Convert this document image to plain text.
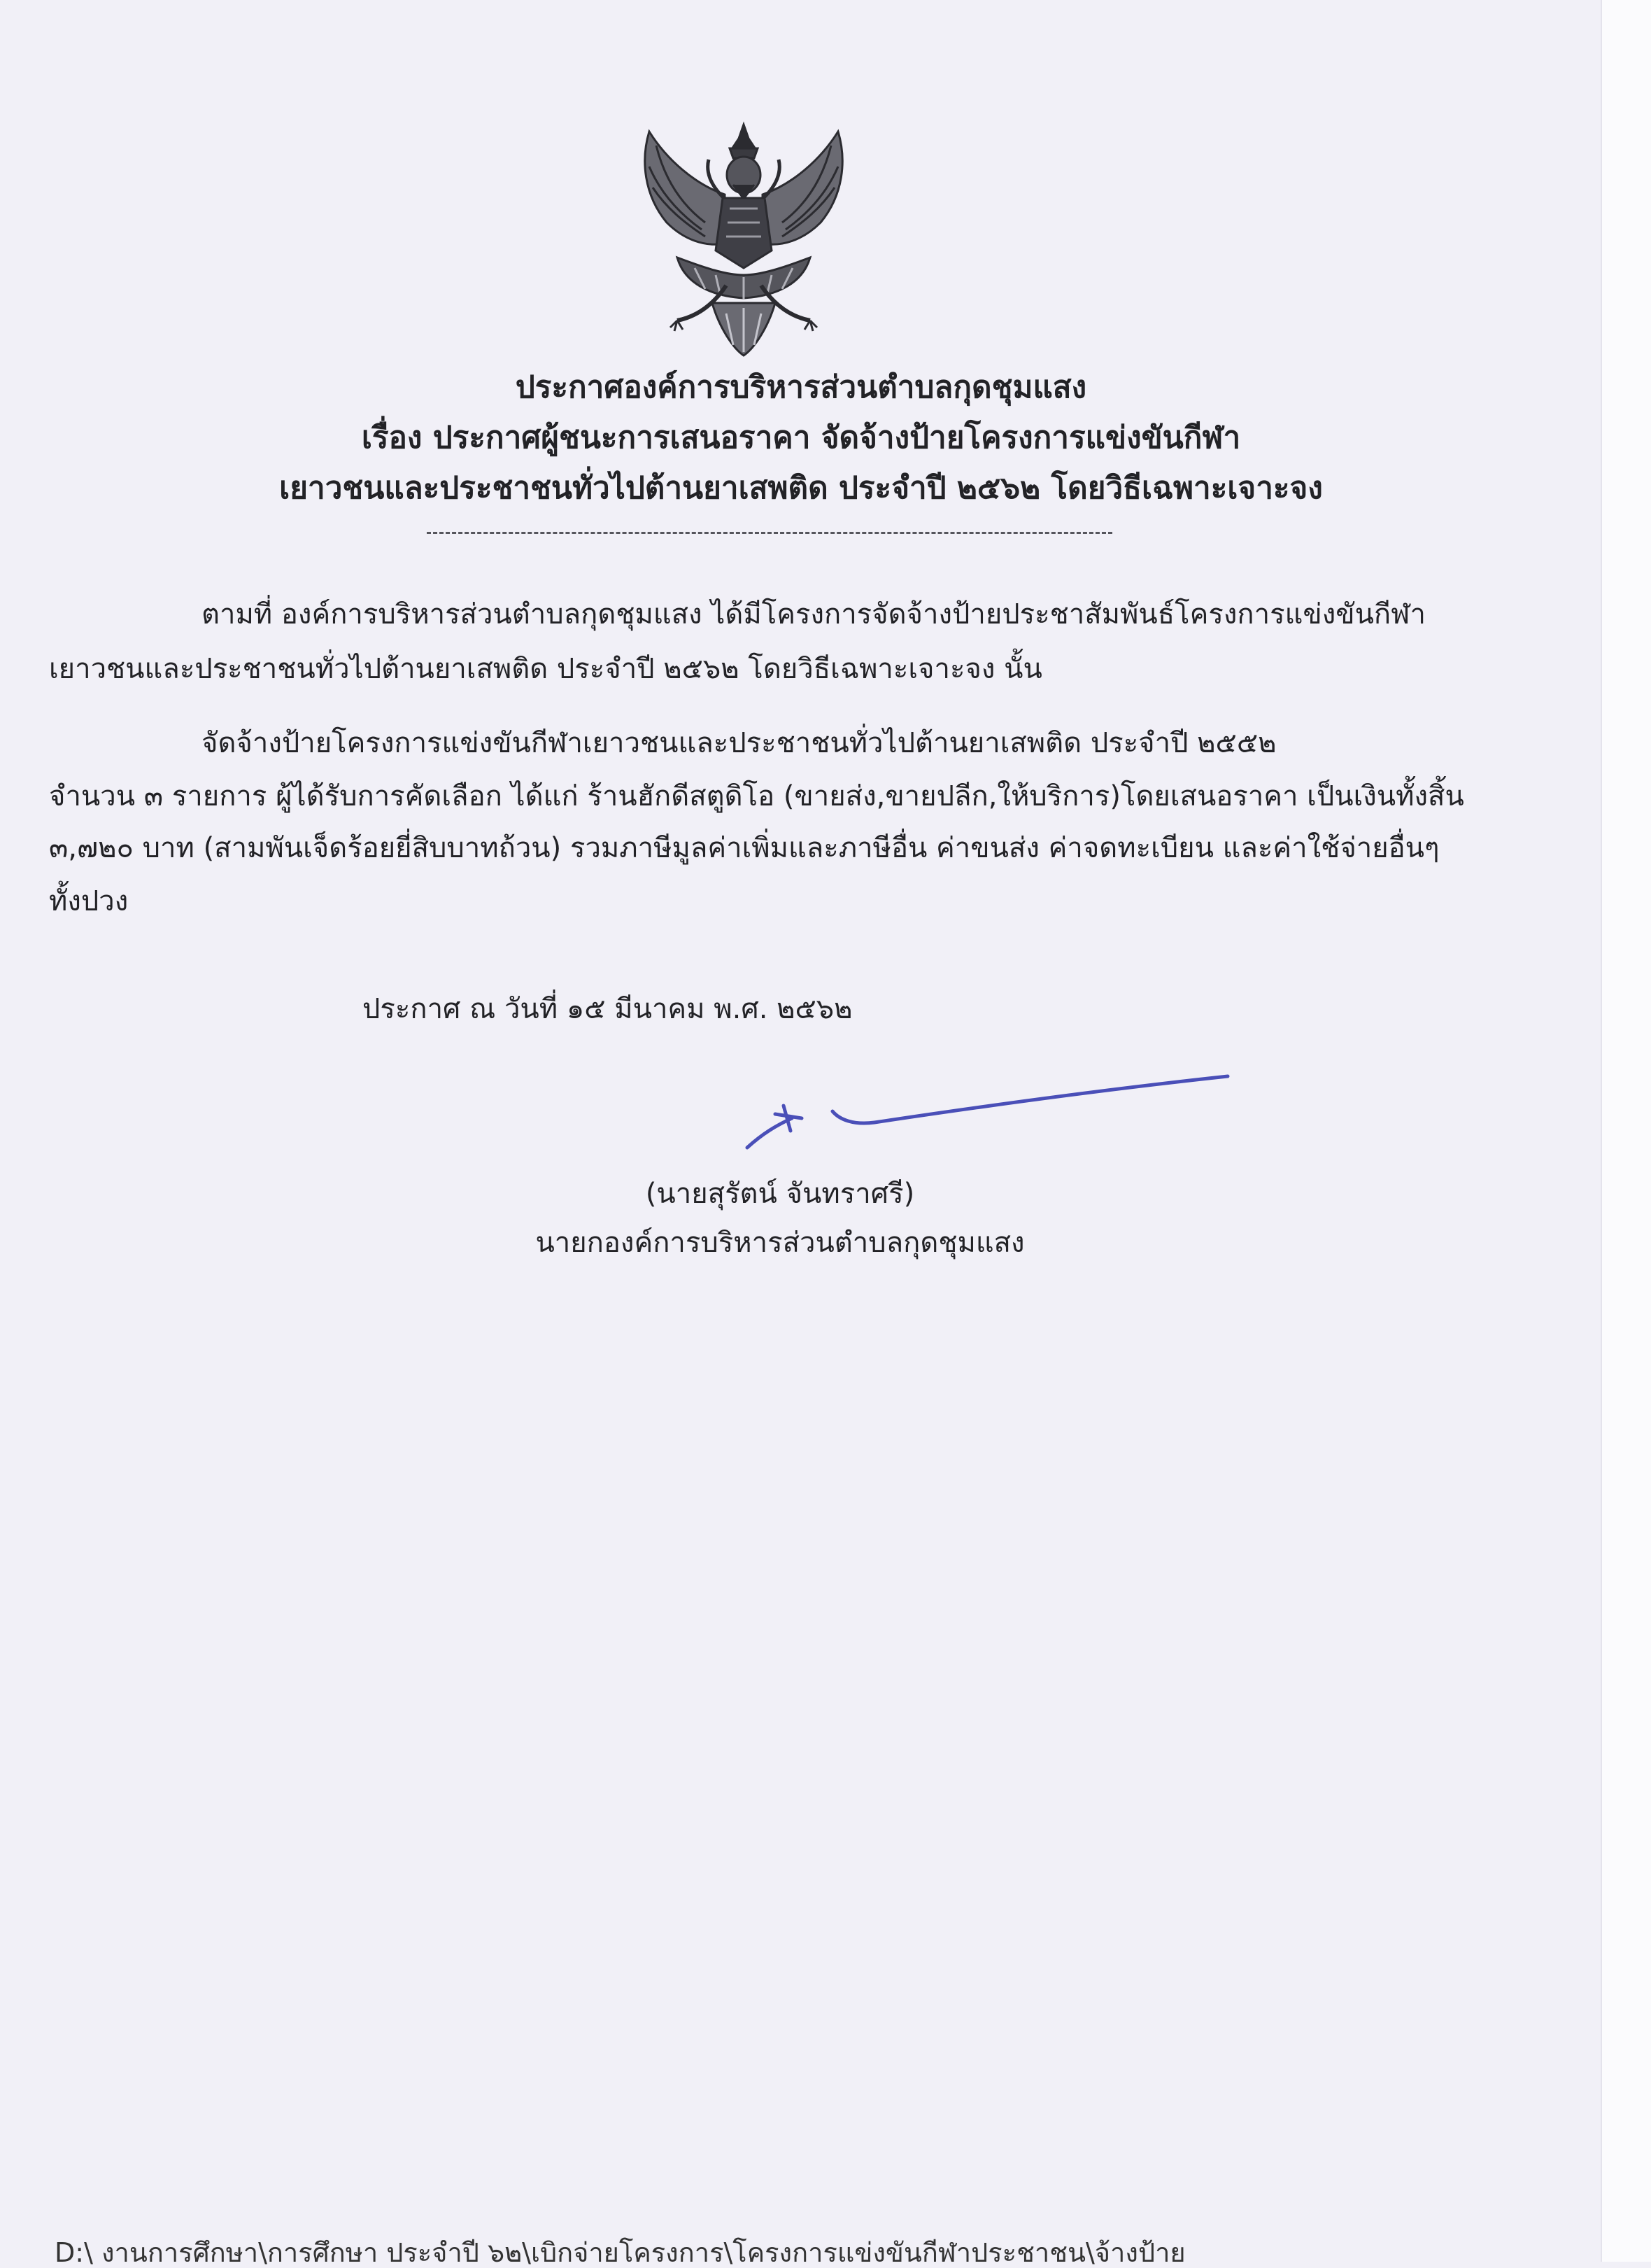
ประกาศองค์การบริหารส่วนตำบลกุดชุมแสง
เรื่อง ประกาศผู้ชนะการเสนอราคา จัดจ้างป้ายโครงการแข่งขันกีฬา
เยาวชนและประชาชนทั่วไปต้านยาเสพติด ประจำปี ๒๕๖๒ โดยวิธีเฉพาะเจาะจง
ตามที่ องค์การบริหารส่วนตำบลกุดชุมแสง ได้มีโครงการจัดจ้างป้ายประชาสัมพันธ์โครงการแข่งขันกีฬา
เยาวชนและประชาชนทั่วไปต้านยาเสพติด ประจำปี ๒๕๖๒ โดยวิธีเฉพาะเจาะจง นั้น
จัดจ้างป้ายโครงการแข่งขันกีฬาเยาวชนและประชาชนทั่วไปต้านยาเสพติด ประจำปี ๒๕๕๒
จำนวน ๓ รายการ ผู้ได้รับการคัดเลือก ได้แก่ ร้านฮักดีสตูดิโอ (ขายส่ง,ขายปลีก,ให้บริการ)โดยเสนอราคา เป็นเงินทั้งสิ้น
๓,๗๒๐ บาท (สามพันเจ็ดร้อยยี่สิบบาทถ้วน) รวมภาษีมูลค่าเพิ่มและภาษีอื่น ค่าขนส่ง ค่าจดทะเบียน และค่าใช้จ่ายอื่นๆ
ทั้งปวง
ประกาศ ณ วันที่ ๑๕ มีนาคม พ.ศ. ๒๕๖๒
(นายสุรัตน์ จันทราศรี)
นายกองค์การบริหารส่วนตำบลกุดชุมแสง
D:\ งานการศึกษา\การศึกษา ประจำปี ๖๒\เบิกจ่ายโครงการ\โครงการแข่งขันกีฬาประชาชน\จ้างป้าย
